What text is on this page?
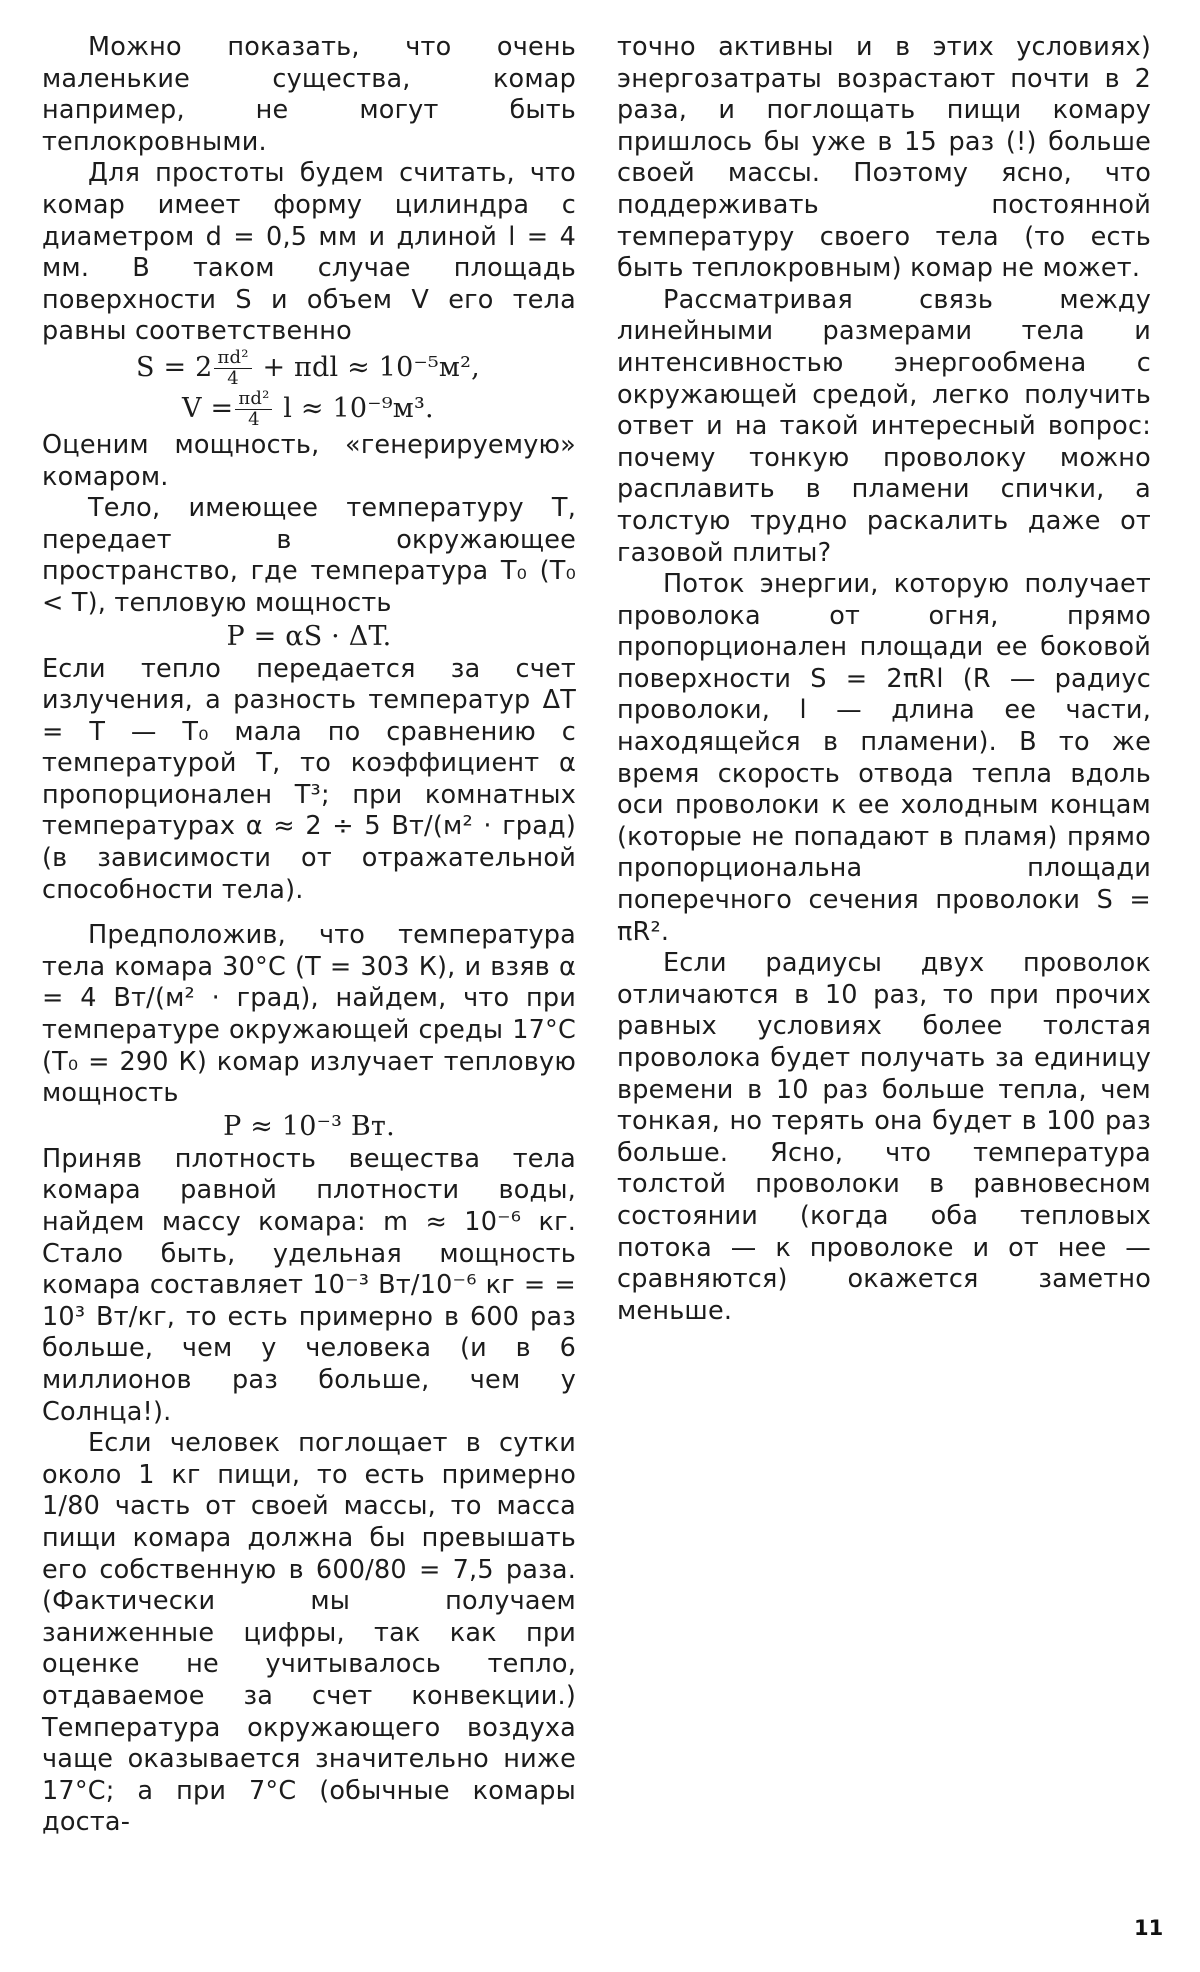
Можно показать, что очень маленькие существа, комар например, не могут быть теплокровными.

Для простоты будем считать, что комар имеет форму цилиндра с диаметром d = 0,5 мм и длиной l = 4 мм. В таком случае площадь поверхности S и объем V его тела равны соответственно

$S = 2 \frac{\text{πd²}}{4} + \pi dl \approx 10^{-5}м^2$,
$V = \frac{\text{πd²}}{4}$ l ≈ 10⁻⁹м³.

Оценим мощность, «генерируемую» комаром.

Тело, имеющее температуру T, передает в окружающее пространство, где температура T₀ (T₀ < T), тепловую мощность

P = αS · ΔT.

Если тепло передается за счет излучения, а разность температур ΔT = T — T₀ мала по сравнению с температурой T, то коэффициент α пропорционален T³; при комнатных температурах α ≈ 2 ÷ 5 Вт/(м² · град) (в зависимости от отражательной способности тела).

Предположив, что температура тела комара 30°С (T = 303 К), и взяв α = 4 Вт/(м² · град), найдем, что при температуре окружающей среды 17°С (T₀ = 290 К) комар излучает тепловую мощность

P ≈ 10⁻³ Вт.

Приняв плотность вещества тела комара равной плотности воды, найдем массу комара: m ≈ 10⁻⁶ кг. Стало быть, удельная мощность комара составляет 10⁻³ Вт/10⁻⁶ кг = = 10³ Вт/кг, то есть примерно в 600 раз больше, чем у человека (и в 6 миллионов раз больше, чем у Солнца!).

Если человек поглощает в сутки около 1 кг пищи, то есть примерно 1/80 часть от своей массы, то масса пищи комара должна бы превышать его собственную в 600/80 = 7,5 раза. (Фактически мы получаем заниженные цифры, так как при оценке не учитывалось тепло, отдаваемое за счет конвекции.) Температура окружающего воздуха чаще оказывается значительно ниже 17°С; а при 7°С (обычные комары доста-

точно активны и в этих условиях) энергозатраты возрастают почти в 2 раза, и поглощать пищи комару пришлось бы уже в 15 раз (!) больше своей массы. Поэтому ясно, что поддерживать постоянной температуру своего тела (то есть быть теплокровным) комар не может.

Рассматривая связь между линейными размерами тела и интенсивностью энергообмена с окружающей средой, легко получить ответ и на такой интересный вопрос: почему тонкую проволоку можно расплавить в пламени спички, а толстую трудно раскалить даже от газовой плиты?

Поток энергии, которую получает проволока от огня, прямо пропорционален площади ее боковой поверхности S = 2πRl (R — радиус проволоки, l — длина ее части, находящейся в пламени). В то же время скорость отвода тепла вдоль оси проволоки к ее холодным концам (которые не попадают в пламя) прямо пропорциональна площади поперечного сечения проволоки S = πR².

Если радиусы двух проволок отличаются в 10 раз, то при прочих равных условиях более толстая проволока будет получать за единицу времени в 10 раз больше тепла, чем тонкая, но терять она будет в 100 раз больше. Ясно, что температура толстой проволоки в равновесном состоянии (когда оба тепловых потока — к проволоке и от нее — сравняются) окажется заметно меньше.

11
